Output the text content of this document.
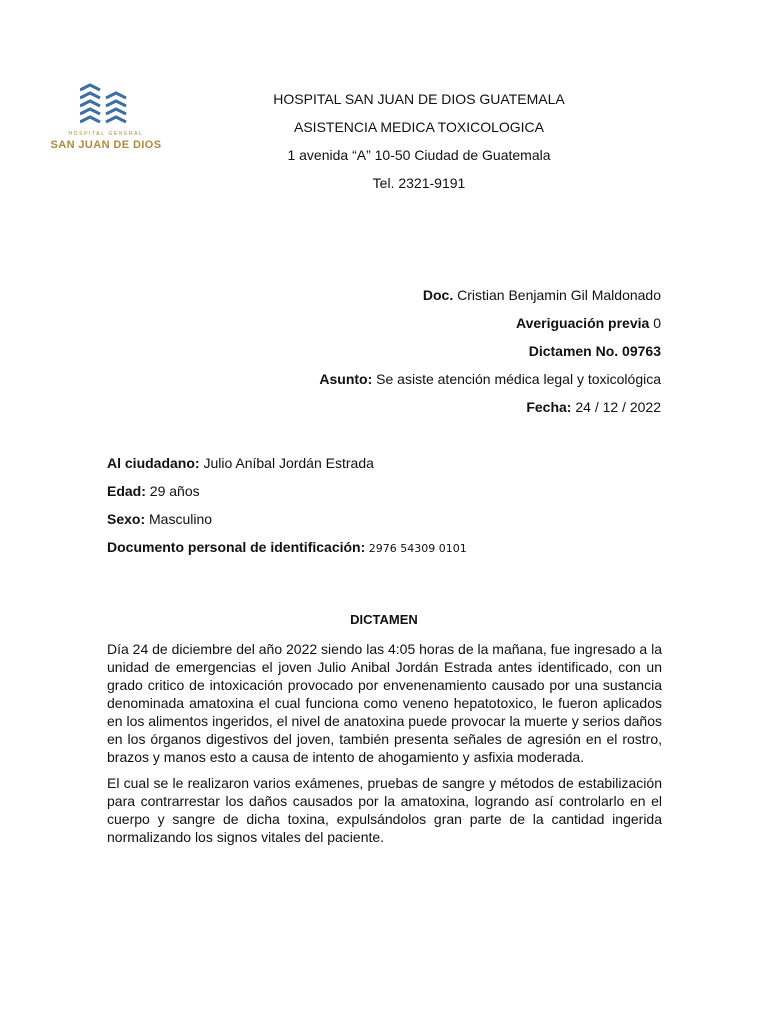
HOSPITAL GENERAL
SAN JUAN DE DIOS
HOSPITAL SAN JUAN DE DIOS GUATEMALA
ASISTENCIA MEDICA TOXICOLOGICA
1 avenida “A” 10-50 Ciudad de Guatemala
Tel. 2321-9191
Doc. Cristian Benjamin Gil Maldonado
Averiguación previa 0
Dictamen No. 09763
Asunto: Se asiste atención médica legal y toxicológica
Fecha: 24 / 12 / 2022
Al ciudadano: Julio Aníbal Jordán Estrada
Edad: 29 años
Sexo: Masculino
Documento personal de identificación: 2976 54309 0101
DICTAMEN

Día 24 de diciembre del año 2022 siendo las 4:05 horas de la mañana, fue ingresado a la unidad de emergencias el joven Julio Anibal Jordán Estrada antes identificado, con un grado critico de intoxicación provocado por envenenamiento causado por una sustancia denominada amatoxina el cual funciona como veneno hepatotoxico, le fueron aplicados en los alimentos ingeridos, el nivel de anatoxina puede provocar la muerte y serios daños en los órganos digestivos del joven, también presenta señales de agresión en el rostro, brazos y manos esto a causa de intento de ahogamiento y asfixia moderada.

El cual se le realizaron varios exámenes, pruebas de sangre y métodos de estabilización para contrarrestar los daños causados por la amatoxina, logrando así controlarlo en el cuerpo y sangre de dicha toxina, expulsándolos gran parte de la cantidad ingerida normalizando los signos vitales del paciente.
